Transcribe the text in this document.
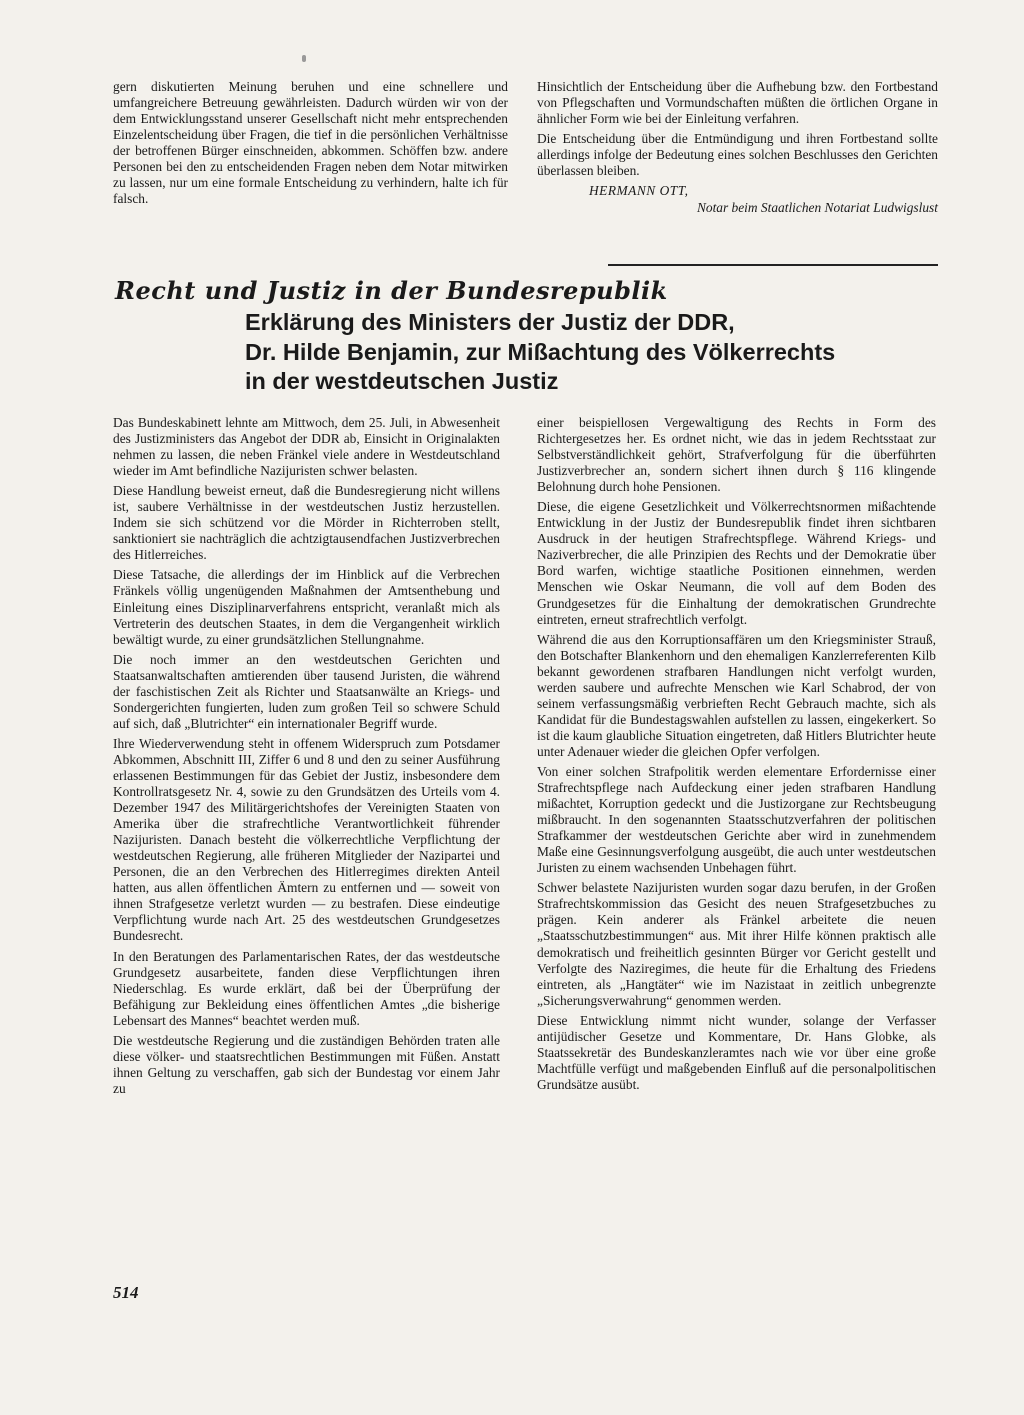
gern diskutierten Meinung beruhen und eine schnellere und umfangreichere Betreuung gewährleisten. Dadurch würden wir von der dem Entwicklungsstand unserer Gesellschaft nicht mehr entsprechenden Einzelentscheidung über Fragen, die tief in die persönlichen Verhältnisse der betroffenen Bürger einschneiden, abkommen. Schöffen bzw. andere Personen bei den zu entscheidenden Fragen neben dem Notar mitwirken zu lassen, nur um eine formale Entscheidung zu verhindern, halte ich für falsch.

Hinsichtlich der Entscheidung über die Aufhebung bzw. den Fortbestand von Pflegschaften und Vormundschaften müßten die örtlichen Organe in ähnlicher Form wie bei der Einleitung verfahren.

Die Entscheidung über die Entmündigung und ihren Fortbestand sollte allerdings infolge der Bedeutung eines solchen Beschlusses den Gerichten überlassen bleiben.

HERMANN OTT,
Notar beim Staatlichen Notariat Ludwigslust
Recht und Justiz in der Bundesrepublik
Erklärung des Ministers der Justiz der DDR,
Dr. Hilde Benjamin, zur Mißachtung des Völkerrechts
in der westdeutschen Justiz

Das Bundeskabinett lehnte am Mittwoch, dem 25. Juli, in Abwesenheit des Justizministers das Angebot der DDR ab, Einsicht in Originalakten nehmen zu lassen, die neben Fränkel viele andere in Westdeutschland wieder im Amt befindliche Nazijuristen schwer belasten.

Diese Handlung beweist erneut, daß die Bundesregierung nicht willens ist, saubere Verhältnisse in der westdeutschen Justiz herzustellen. Indem sie sich schützend vor die Mörder in Richterroben stellt, sanktioniert sie nachträglich die achtzigtausendfachen Justizverbrechen des Hitlerreiches.

Diese Tatsache, die allerdings der im Hinblick auf die Verbrechen Fränkels völlig ungenügenden Maßnahmen der Amtsenthebung und Einleitung eines Disziplinarverfahrens entspricht, veranlaßt mich als Vertreterin des deutschen Staates, in dem die Vergangenheit wirklich bewältigt wurde, zu einer grundsätzlichen Stellungnahme.

Die noch immer an den westdeutschen Gerichten und Staatsanwaltschaften amtierenden über tausend Juristen, die während der faschistischen Zeit als Richter und Staatsanwälte an Kriegs- und Sondergerichten fungierten, luden zum großen Teil so schwere Schuld auf sich, daß „Blutrichter“ ein internationaler Begriff wurde.

Ihre Wiederverwendung steht in offenem Widerspruch zum Potsdamer Abkommen, Abschnitt III, Ziffer 6 und 8 und den zu seiner Ausführung erlassenen Bestimmungen für das Gebiet der Justiz, insbesondere dem Kontrollratsgesetz Nr. 4, sowie zu den Grundsätzen des Urteils vom 4. Dezember 1947 des Militärgerichtshofes der Vereinigten Staaten von Amerika über die strafrechtliche Verantwortlichkeit führender Nazijuristen. Danach besteht die völkerrechtliche Verpflichtung der westdeutschen Regierung, alle früheren Mitglieder der Nazipartei und Personen, die an den Verbrechen des Hitlerregimes direkten Anteil hatten, aus allen öffentlichen Ämtern zu entfernen und — soweit von ihnen Strafgesetze verletzt wurden — zu bestrafen. Diese eindeutige Verpflichtung wurde nach Art. 25 des westdeutschen Grundgesetzes Bundesrecht.

In den Beratungen des Parlamentarischen Rates, der das westdeutsche Grundgesetz ausarbeitete, fanden diese Verpflichtungen ihren Niederschlag. Es wurde erklärt, daß bei der Überprüfung der Befähigung zur Bekleidung eines öffentlichen Amtes „die bisherige Lebensart des Mannes“ beachtet werden muß.

Die westdeutsche Regierung und die zuständigen Behörden traten alle diese völker- und staatsrechtlichen Bestimmungen mit Füßen. Anstatt ihnen Geltung zu verschaffen, gab sich der Bundestag vor einem Jahr zu

einer beispiellosen Vergewaltigung des Rechts in Form des Richtergesetzes her. Es ordnet nicht, wie das in jedem Rechtsstaat zur Selbstverständlichkeit gehört, Strafverfolgung für die überführten Justizverbrecher an, sondern sichert ihnen durch § 116 klingende Belohnung durch hohe Pensionen.

Diese, die eigene Gesetzlichkeit und Völkerrechtsnormen mißachtende Entwicklung in der Justiz der Bundesrepublik findet ihren sichtbaren Ausdruck in der heutigen Strafrechtspflege. Während Kriegs- und Naziverbrecher, die alle Prinzipien des Rechts und der Demokratie über Bord warfen, wichtige staatliche Positionen einnehmen, werden Menschen wie Oskar Neumann, die voll auf dem Boden des Grundgesetzes für die Einhaltung der demokratischen Grundrechte eintreten, erneut strafrechtlich verfolgt.

Während die aus den Korruptionsaffären um den Kriegsminister Strauß, den Botschafter Blankenhorn und den ehemaligen Kanzlerreferenten Kilb bekannt gewordenen strafbaren Handlungen nicht verfolgt wurden, werden saubere und aufrechte Menschen wie Karl Schabrod, der von seinem verfassungsmäßig verbrieften Recht Gebrauch machte, sich als Kandidat für die Bundestagswahlen aufstellen zu lassen, eingekerkert. So ist die kaum glaubliche Situation eingetreten, daß Hitlers Blutrichter heute unter Adenauer wieder die gleichen Opfer verfolgen.

Von einer solchen Strafpolitik werden elementare Erfordernisse einer Strafrechtspflege nach Aufdeckung einer jeden strafbaren Handlung mißachtet, Korruption gedeckt und die Justizorgane zur Rechtsbeugung mißbraucht. In den sogenannten Staatsschutzverfahren der politischen Strafkammer der westdeutschen Gerichte aber wird in zunehmendem Maße eine Gesinnungsverfolgung ausgeübt, die auch unter westdeutschen Juristen zu einem wachsenden Unbehagen führt.

Schwer belastete Nazijuristen wurden sogar dazu berufen, in der Großen Strafrechtskommission das Gesicht des neuen Strafgesetzbuches zu prägen. Kein anderer als Fränkel arbeitete die neuen „Staatsschutzbestimmungen“ aus. Mit ihrer Hilfe können praktisch alle demokratisch und freiheitlich gesinnten Bürger vor Gericht gestellt und Verfolgte des Naziregimes, die heute für die Erhaltung des Friedens eintreten, als „Hangtäter“ wie im Nazistaat in zeitlich unbegrenzte „Sicherungsverwahrung“ genommen werden.

Diese Entwicklung nimmt nicht wunder, solange der Verfasser antijüdischer Gesetze und Kommentare, Dr. Hans Globke, als Staatssekretär des Bundeskanzleramtes nach wie vor über eine große Machtfülle verfügt und maßgebenden Einfluß auf die personalpolitischen Grundsätze ausübt.

514
